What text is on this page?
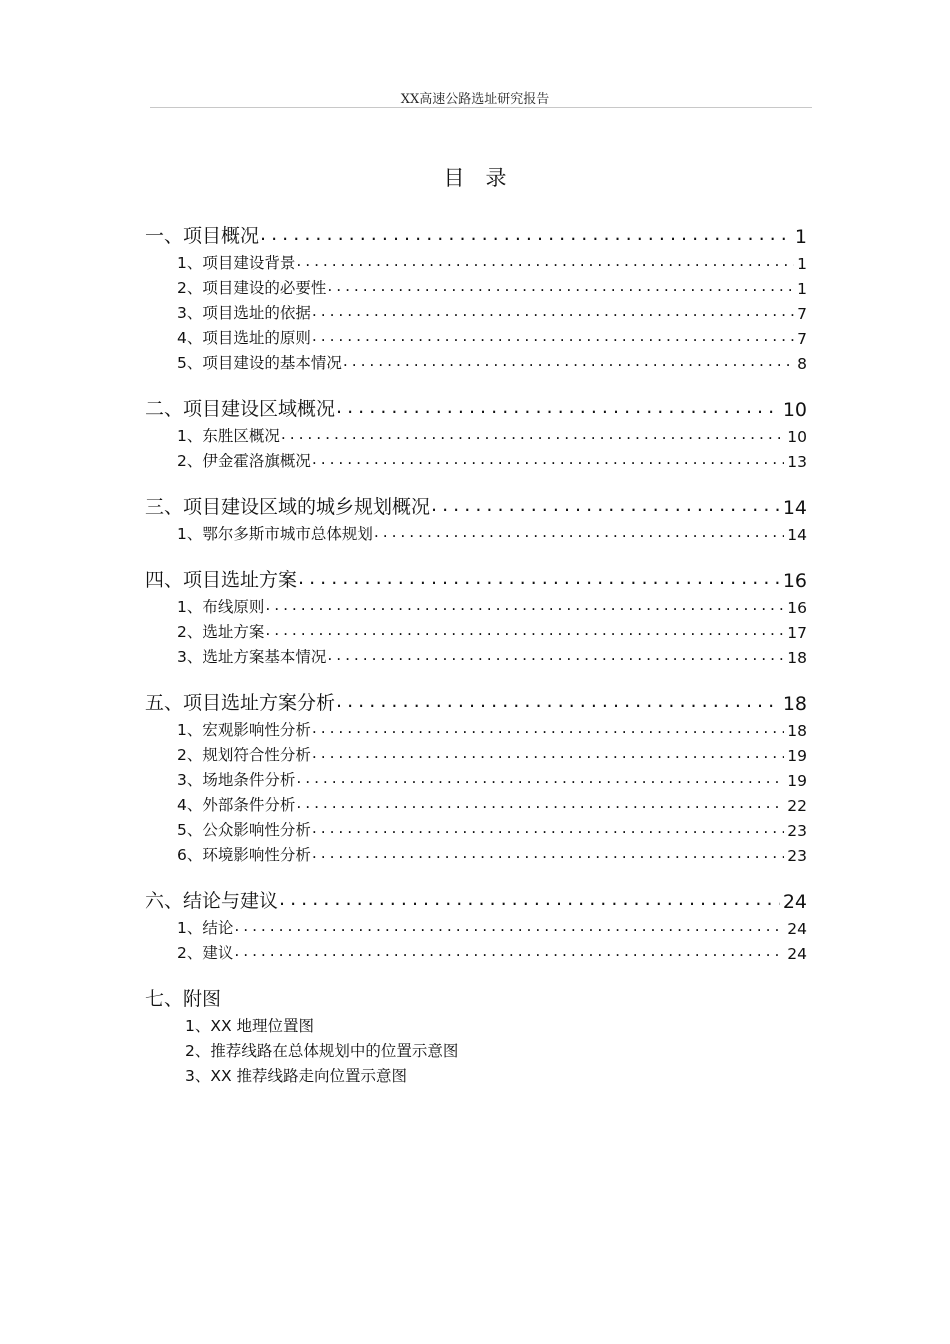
XX高速公路选址研究报告
目　录
一、项目概况 . . .	1
1、项目建设背景 . . .	1
2、项目建设的必要性 . . .	1
3、项目选址的依据 . . .	7
4、项目选址的原则 . . .	7
5、项目建设的基本情况 . . .	8
二、项目建设区域概况 . . .	10
1、东胜区概况 . . .	10
2、伊金霍洛旗概况 . . .	13
三、项目建设区域的城乡规划概况 . . .	14
1、鄂尔多斯市城市总体规划 . . .	14
四、项目选址方案 . . .	16
1、布线原则 . . .	16
2、选址方案 . . .	17
3、选址方案基本情况 . . .	18
五、项目选址方案分析 . . .	18
1、宏观影响性分析 . . .	18
2、规划符合性分析 . . .	19
3、场地条件分析 . . .	19
4、外部条件分析 . . .	22
5、公众影响性分析 . . .	23
6、环境影响性分析 . . .	23
六、结论与建议 . . .	24
1、结论 . . .	24
2、建议 . . .	24
七、附图
1、XX 地理位置图
2、推荐线路在总体规划中的位置示意图
3、XX 推荐线路走向位置示意图
